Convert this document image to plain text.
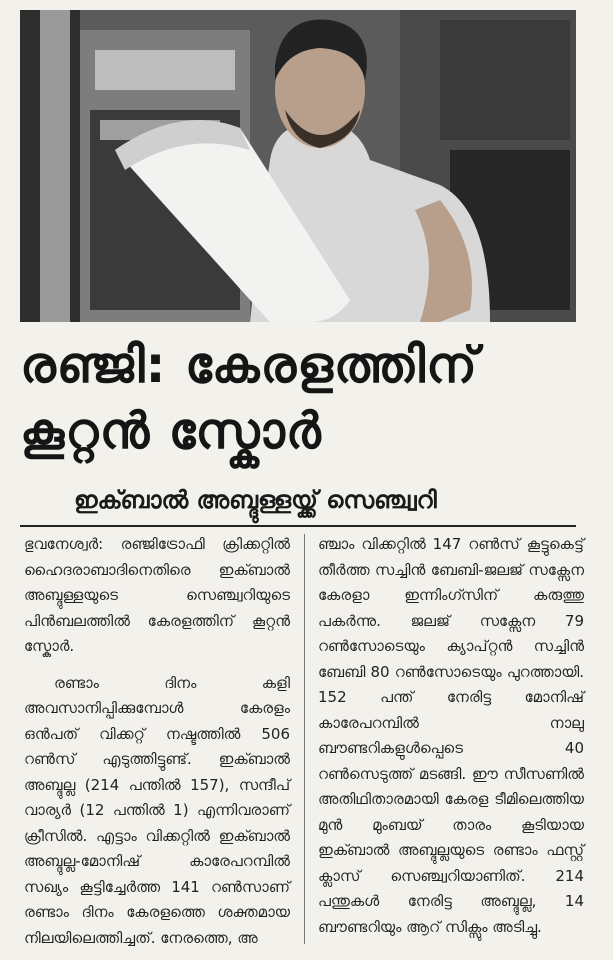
രഞ്ജി: കേരളത്തിന്
കൂറ്റൻ സ്കോർ
ഇക്ബാൽ അബ്ദുള്ളയ്ക്ക് സെഞ്ച്വറി

ഭുവനേശ്വർ: രഞ്ജിട്രോഫി ക്രിക്കറ്റിൽ ഹൈദരാബാദിനെതിരെ ഇക്ബാൽ അബ്ദുള്ളയുടെ സെഞ്ച്വറിയുടെ പിൻബലത്തിൽ കേരളത്തിന് കൂറ്റൻ സ്കോർ.

രണ്ടാം ദിനം കളി അവസാനിപ്പിക്കുമ്പോൾ കേരളം ഒൻപത് വിക്കറ്റ് നഷ്ടത്തിൽ 506 റൺസ് എടുത്തിട്ടുണ്ട്. ഇക്ബാൽ അബ്ദുല്ല (214 പന്തിൽ 157), സന്ദീപ് വാര്യർ (12 പന്തിൽ 1) എന്നിവരാണ് ക്രീസിൽ. എട്ടാം വിക്കറ്റിൽ ഇക്ബാൽ അബ്ദുല്ല-മോനിഷ് കാരേപറമ്പിൽ സഖ്യം കൂട്ടിച്ചേർത്ത 141 റൺസാണ് രണ്ടാം ദിനം കേരളത്തെ ശക്തമായ നിലയിലെത്തിച്ചത്. നേരത്തെ, അ

ഞ്ചാം വിക്കറ്റിൽ 147 റൺസ് കൂട്ടുകെട്ട് തീർത്ത സച്ചിൻ ബേബി-ജലജ് സക്സേന കേരളാ ഇന്നിംഗ്സിന് കരുത്തു പകർന്നു. ജലജ് സക്സേന 79 റൺസോടെയും ക്യാപ്റ്റൻ സച്ചിൻ ബേബി 80 റൺസോടെയും പുറത്തായി. 152 പന്ത് നേരിട്ട മോനിഷ് കാരേപറമ്പിൽ നാലു ബൗണ്ടറികളുൾപ്പെടെ 40 റൺസെടുത്ത് മടങ്ങി. ഈ സീസണിൽ അതിഥിതാരമായി കേരള ടീമിലെത്തിയ മുൻ മുംബയ് താരം കൂടിയായ ഇക്ബാൽ അബ്ദുല്ലയുടെ രണ്ടാം ഫസ്റ്റ് ക്ലാസ് സെഞ്ച്വറിയാണിത്. 214 പന്തുകൾ നേരിട്ട അബ്ദുല്ല, 14 ബൗണ്ടറിയും ആറ് സിക്സും അടിച്ചു.
